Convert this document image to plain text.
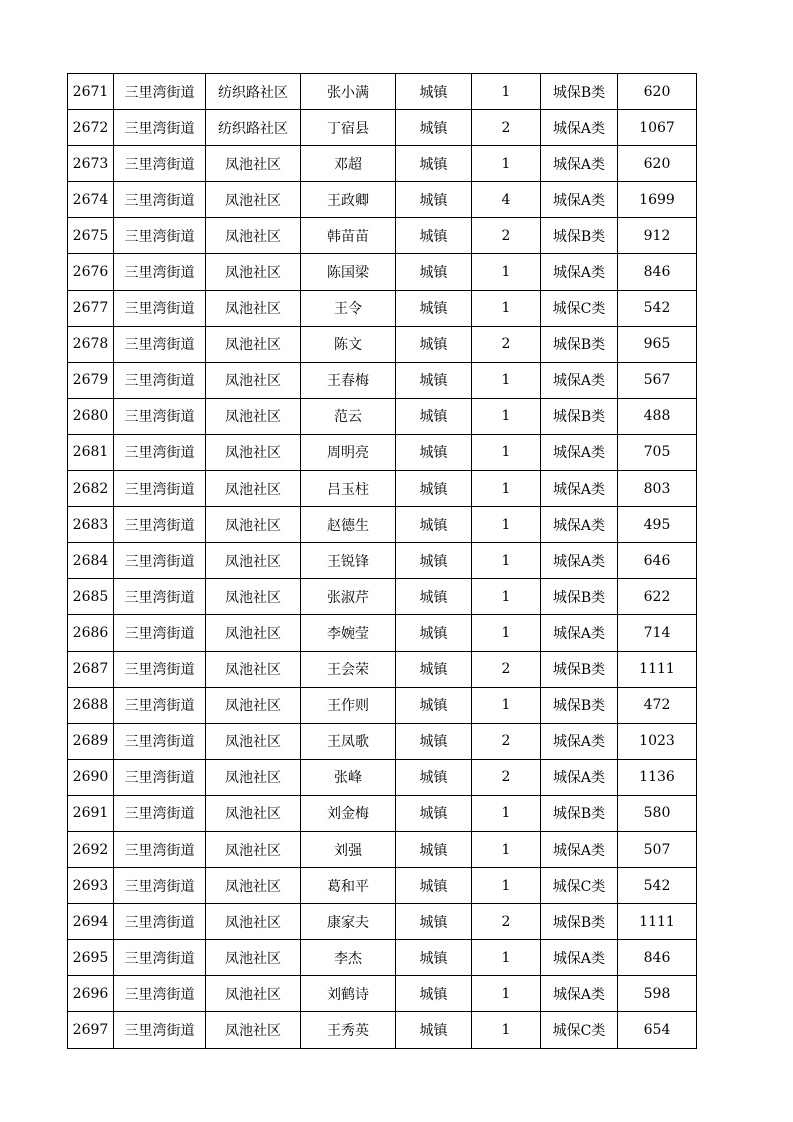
2671	三里湾街道	纺织路社区	张小满	城镇	1	城保B类	620
2672	三里湾街道	纺织路社区	丁宿县	城镇	2	城保A类	1067
2673	三里湾街道	凤池社区	邓超	城镇	1	城保A类	620
2674	三里湾街道	凤池社区	王政卿	城镇	4	城保A类	1699
2675	三里湾街道	凤池社区	韩苗苗	城镇	2	城保B类	912
2676	三里湾街道	凤池社区	陈国梁	城镇	1	城保A类	846
2677	三里湾街道	凤池社区	王令	城镇	1	城保C类	542
2678	三里湾街道	凤池社区	陈文	城镇	2	城保B类	965
2679	三里湾街道	凤池社区	王春梅	城镇	1	城保A类	567
2680	三里湾街道	凤池社区	范云	城镇	1	城保B类	488
2681	三里湾街道	凤池社区	周明亮	城镇	1	城保A类	705
2682	三里湾街道	凤池社区	吕玉柱	城镇	1	城保A类	803
2683	三里湾街道	凤池社区	赵德生	城镇	1	城保A类	495
2684	三里湾街道	凤池社区	王锐锋	城镇	1	城保A类	646
2685	三里湾街道	凤池社区	张淑芹	城镇	1	城保B类	622
2686	三里湾街道	凤池社区	李婉莹	城镇	1	城保A类	714
2687	三里湾街道	凤池社区	王会荣	城镇	2	城保B类	1111
2688	三里湾街道	凤池社区	王作则	城镇	1	城保B类	472
2689	三里湾街道	凤池社区	王凤歌	城镇	2	城保A类	1023
2690	三里湾街道	凤池社区	张峰	城镇	2	城保A类	1136
2691	三里湾街道	凤池社区	刘金梅	城镇	1	城保B类	580
2692	三里湾街道	凤池社区	刘强	城镇	1	城保A类	507
2693	三里湾街道	凤池社区	葛和平	城镇	1	城保C类	542
2694	三里湾街道	凤池社区	康家夫	城镇	2	城保B类	1111
2695	三里湾街道	凤池社区	李杰	城镇	1	城保A类	846
2696	三里湾街道	凤池社区	刘鹤诗	城镇	1	城保A类	598
2697	三里湾街道	凤池社区	王秀英	城镇	1	城保C类	654
